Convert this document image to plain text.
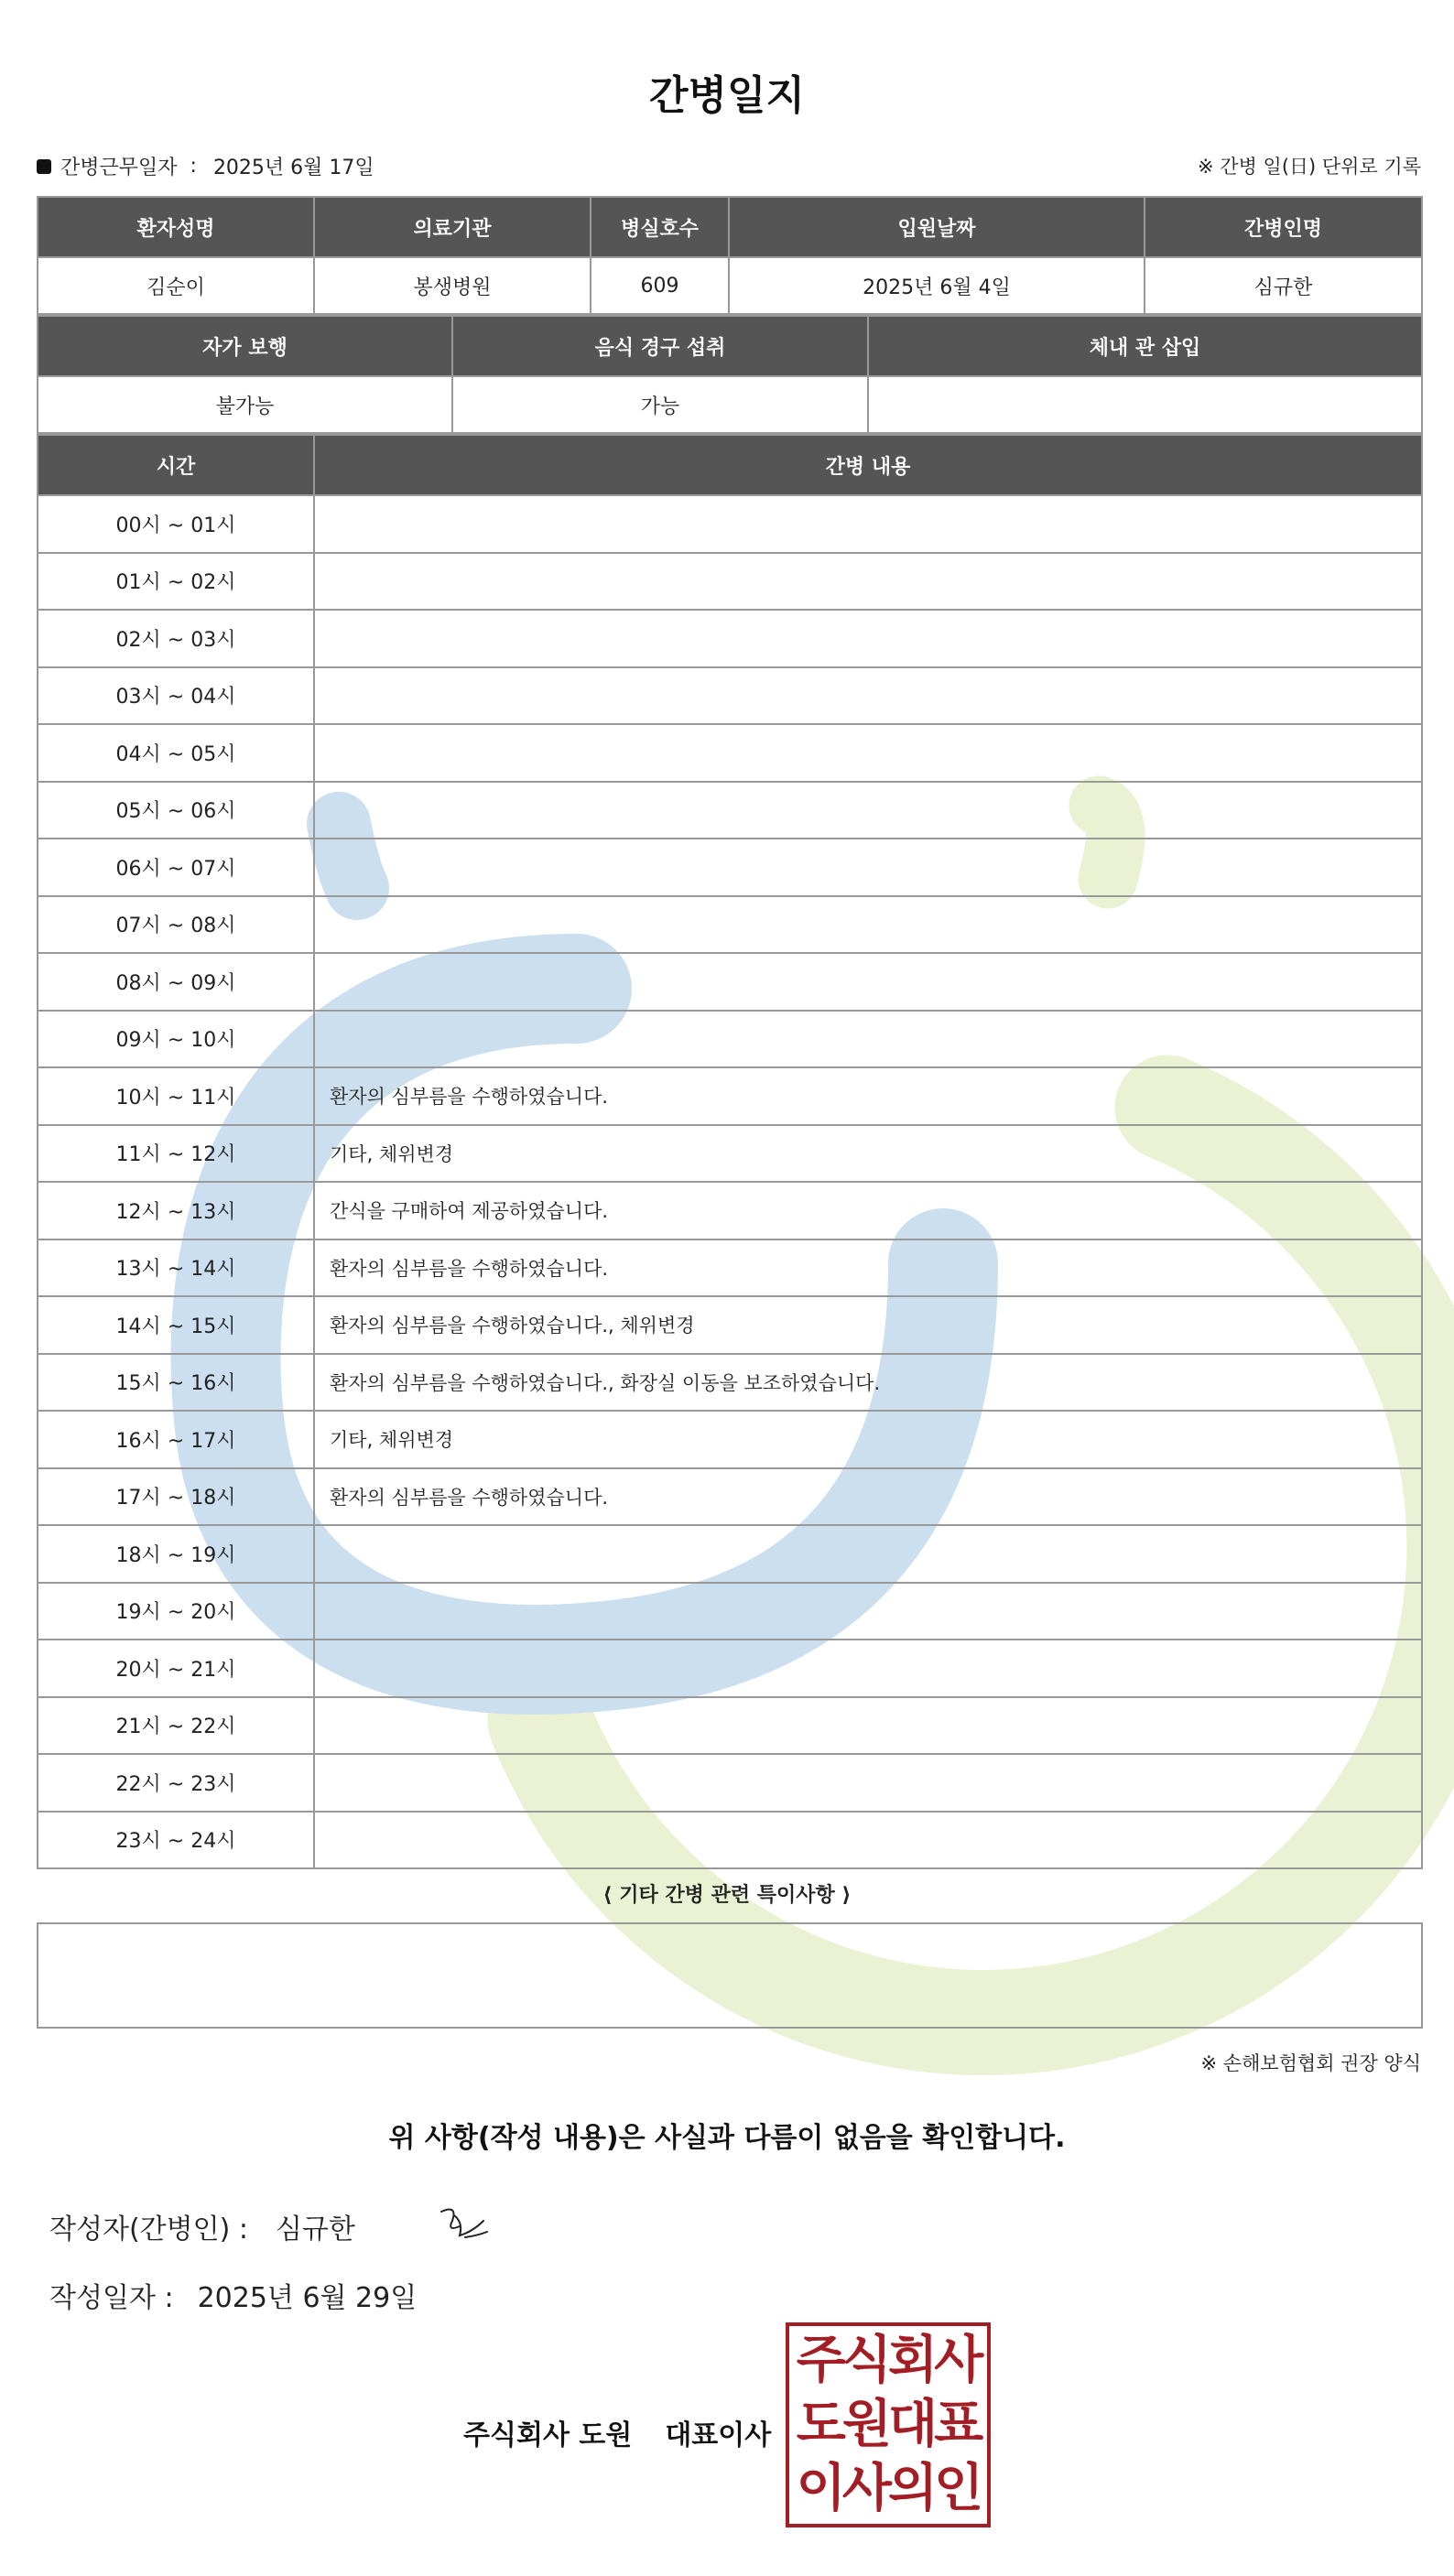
간병일지
간병근무일자 : 2025년 6월 17일	※ 간병 일(日) 단위로 기록
환자성명	의료기관	병실호수	입원날짜	간병인명
김순이	봉생병원	609	2025년 6월 4일	심규한
자가 보행	음식 경구 섭취	체내 관 삽입
불가능	가능	
시간	간병 내용
00시 ~ 01시	
01시 ~ 02시	
02시 ~ 03시	
03시 ~ 04시	
04시 ~ 05시	
05시 ~ 06시	
06시 ~ 07시	
07시 ~ 08시	
08시 ~ 09시	
09시 ~ 10시	
10시 ~ 11시	환자의 심부름을 수행하였습니다.
11시 ~ 12시	기타, 체위변경
12시 ~ 13시	간식을 구매하여 제공하였습니다.
13시 ~ 14시	환자의 심부름을 수행하였습니다.
14시 ~ 15시	환자의 심부름을 수행하였습니다., 체위변경
15시 ~ 16시	환자의 심부름을 수행하였습니다., 화장실 이동을 보조하였습니다.
16시 ~ 17시	기타, 체위변경
17시 ~ 18시	환자의 심부름을 수행하였습니다.
18시 ~ 19시	
19시 ~ 20시	
20시 ~ 21시	
21시 ~ 22시	
22시 ~ 23시	
23시 ~ 24시	
⟨ 기타 간병 관련 특이사항 ⟩
※ 손해보험협회 권장 양식
위 사항(작성 내용)은 사실과 다름이 없음을 확인합니다.
작성자(간병인) : 심규한
작성일자 : 2025년 6월 29일
주식회사 도원 대표이사
주식회사
도원대표
이사의인
